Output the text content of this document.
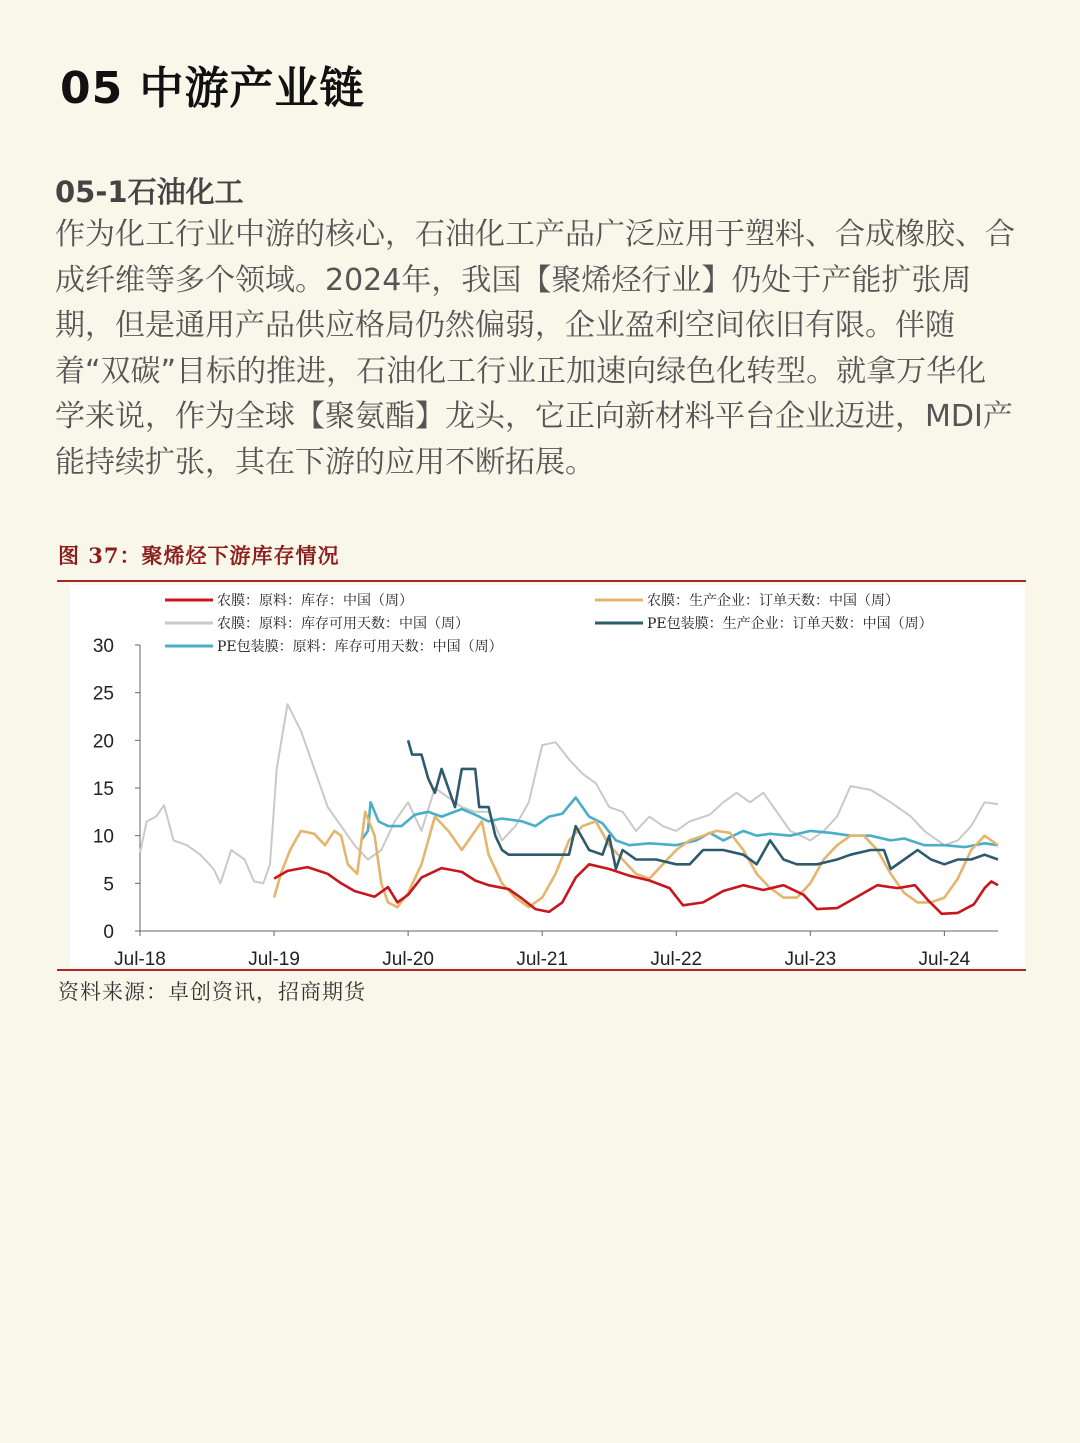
05 中游产业链
05-1石油化工

作为化工行业中游的核心，石油化工产品广泛应用于塑料、合成橡胶、合成纤维等多个领域。2024年，我国【聚烯烃行业】仍处于产能扩张周期，但是通用产品供应格局仍然偏弱，企业盈利空间依旧有限。伴随着“双碳”目标的推进，石油化工行业正加速向绿色化转型。就拿万华化学来说，作为全球【聚氨酯】龙头，它正向新材料平台企业迈进，MDI产能持续扩张，其在下游的应用不断拓展。

图 37：聚烯烃下游库存情况
0
5
10
15
20
25
30
Jul-18	Jul-19	Jul-20	Jul-21	Jul-22	Jul-23	Jul-24
农膜：原料：库存：中国（周）
农膜：原料：库存可用天数：中国（周）
PE包装膜：原料：库存可用天数：中国（周）
农膜：生产企业：订单天数：中国（周）
PE包装膜：生产企业：订单天数：中国（周）
资料来源：卓创资讯，招商期货
